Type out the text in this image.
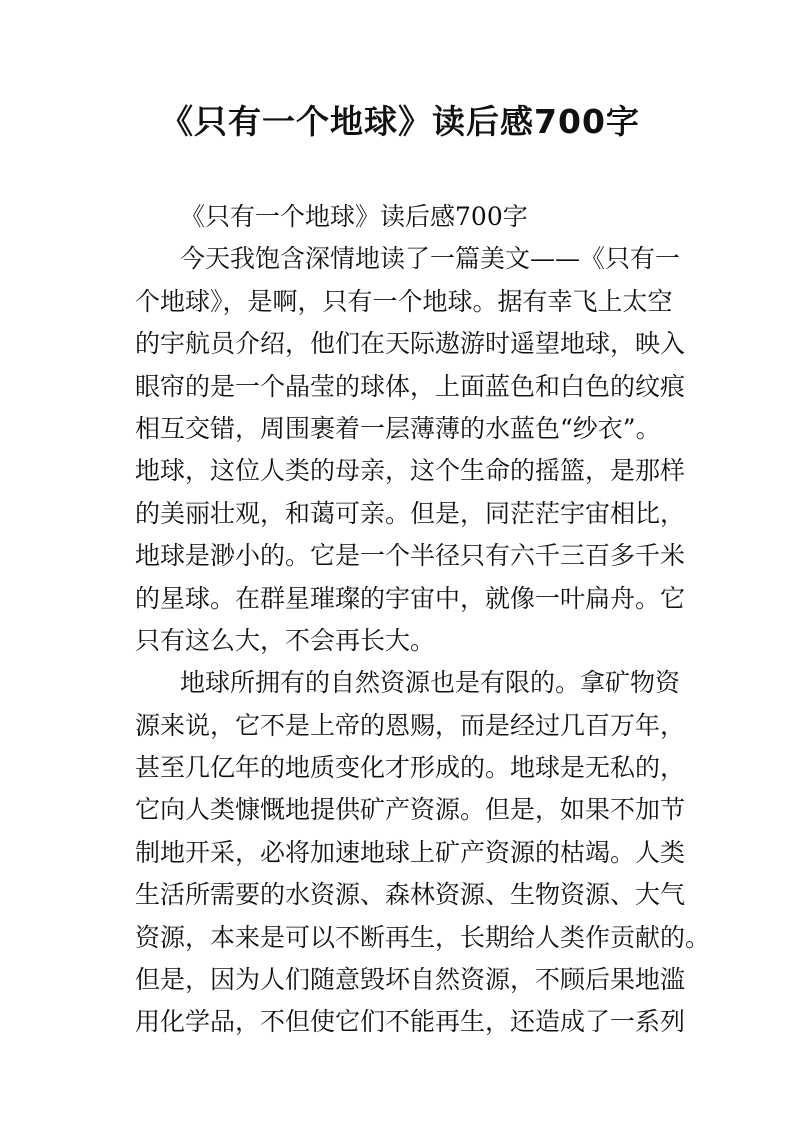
《只有一个地球》读后感700字
《只有一个地球》读后感700字
今天我饱含深情地读了一篇美文——《只有一
个地球》，是啊，只有一个地球。据有幸飞上太空
的宇航员介绍，他们在天际遨游时遥望地球，映入
眼帘的是一个晶莹的球体，上面蓝色和白色的纹痕
相互交错，周围裹着一层薄薄的水蓝色“纱衣”。
地球，这位人类的母亲，这个生命的摇篮，是那样
的美丽壮观，和蔼可亲。但是，同茫茫宇宙相比，
地球是渺小的。它是一个半径只有六千三百多千米
的星球。在群星璀璨的宇宙中，就像一叶扁舟。它
只有这么大，不会再长大。
地球所拥有的自然资源也是有限的。拿矿物资
源来说，它不是上帝的恩赐，而是经过几百万年，
甚至几亿年的地质变化才形成的。地球是无私的，
它向人类慷慨地提供矿产资源。但是，如果不加节
制地开采，必将加速地球上矿产资源的枯竭。人类
生活所需要的水资源、森林资源、生物资源、大气
资源，本来是可以不断再生，长期给人类作贡献的。
但是，因为人们随意毁坏自然资源，不顾后果地滥
用化学品，不但使它们不能再生，还造成了一系列
